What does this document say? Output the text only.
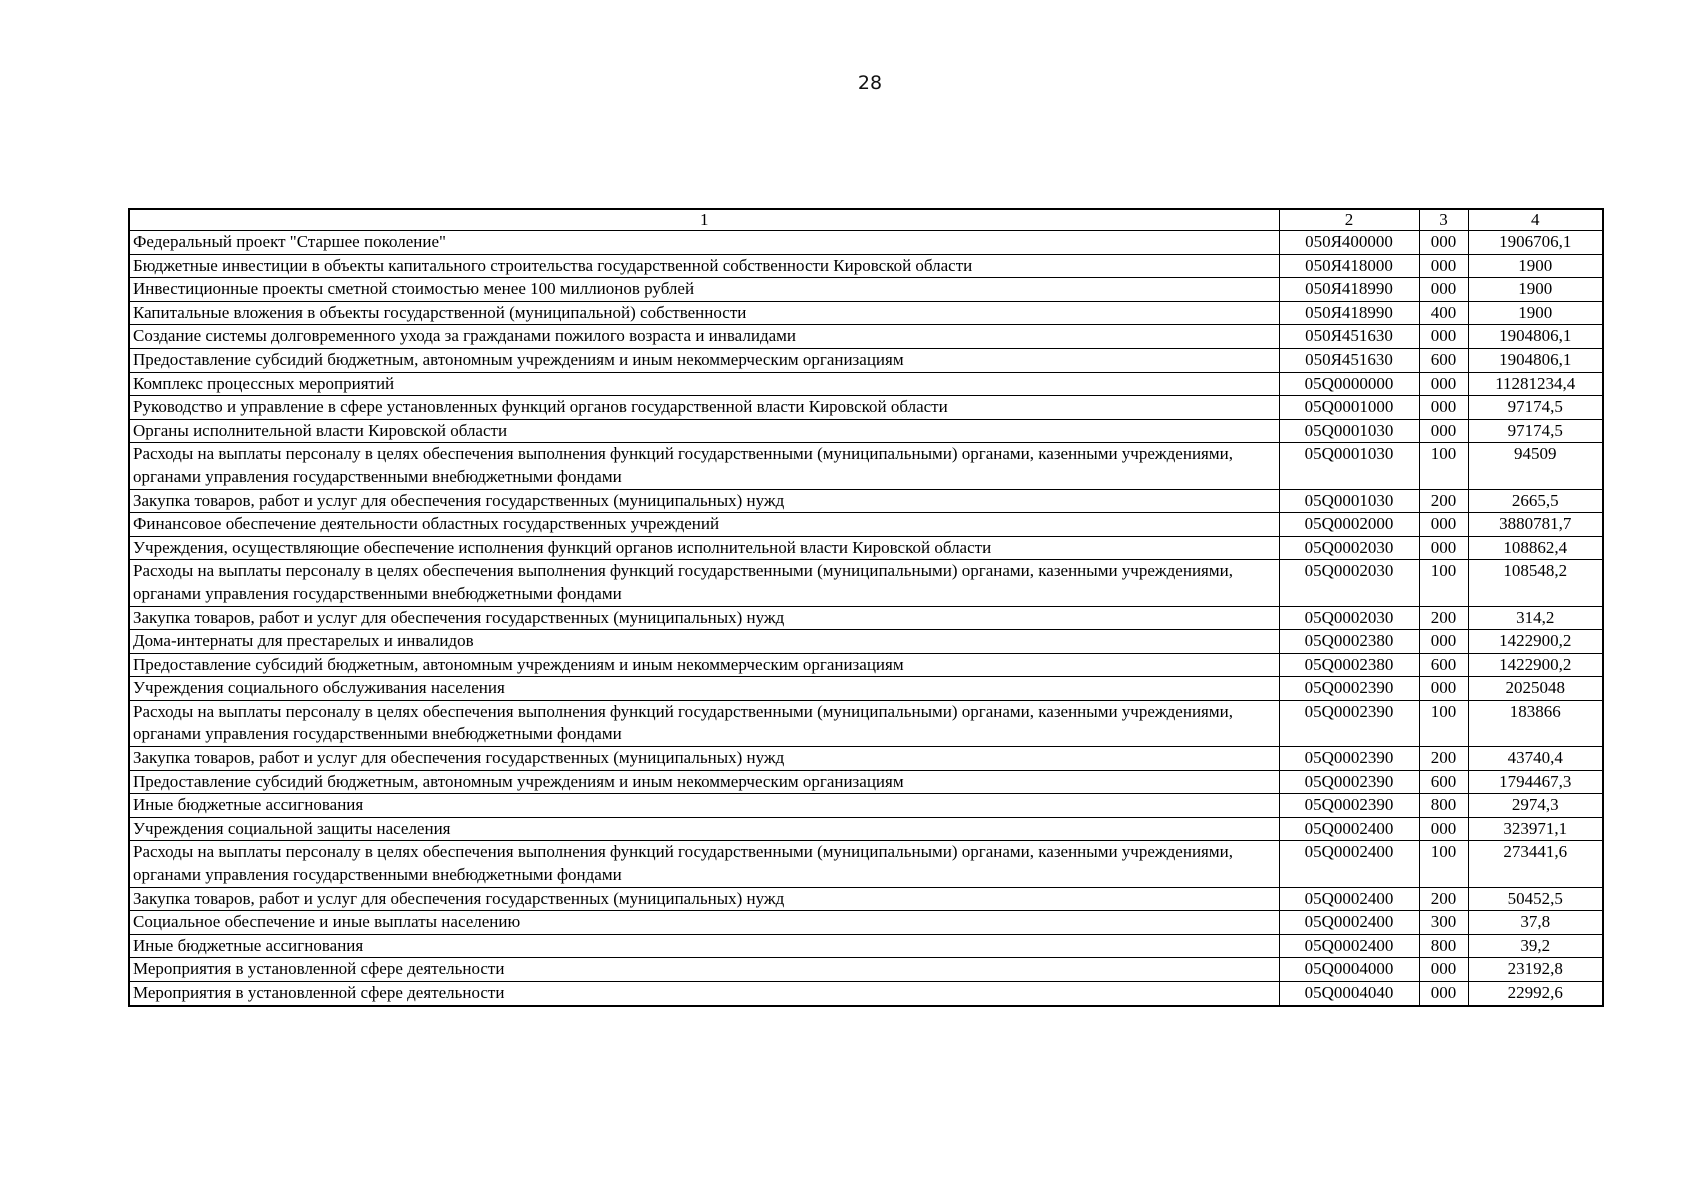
28
1	2	3	4
Федеральный проект "Старшее поколение"	050Я400000	000	1906706,1
Бюджетные инвестиции в объекты капитального строительства государственной собственности Кировской области	050Я418000	000	1900
Инвестиционные проекты сметной стоимостью менее 100 миллионов рублей	050Я418990	000	1900
Капитальные вложения в объекты государственной (муниципальной) собственности	050Я418990	400	1900
Создание системы долговременного ухода за гражданами пожилого возраста и инвалидами	050Я451630	000	1904806,1
Предоставление субсидий бюджетным, автономным учреждениям и иным некоммерческим организациям	050Я451630	600	1904806,1
Комплекс процессных мероприятий	05Q0000000	000	11281234,4
Руководство и управление в сфере установленных функций органов государственной власти Кировской области	05Q0001000	000	97174,5
Органы исполнительной власти Кировской области	05Q0001030	000	97174,5
Расходы на выплаты персоналу в целях обеспечения выполнения функций государственными (муниципальными) органами, казенными учреждениями, органами управления государственными внебюджетными фондами	05Q0001030	100	94509
Закупка товаров, работ и услуг для обеспечения государственных (муниципальных) нужд	05Q0001030	200	2665,5
Финансовое обеспечение деятельности областных государственных учреждений	05Q0002000	000	3880781,7
Учреждения, осуществляющие обеспечение исполнения функций органов исполнительной власти Кировской области	05Q0002030	000	108862,4
Расходы на выплаты персоналу в целях обеспечения выполнения функций государственными (муниципальными) органами, казенными учреждениями, органами управления государственными внебюджетными фондами	05Q0002030	100	108548,2
Закупка товаров, работ и услуг для обеспечения государственных (муниципальных) нужд	05Q0002030	200	314,2
Дома-интернаты для престарелых и инвалидов	05Q0002380	000	1422900,2
Предоставление субсидий бюджетным, автономным учреждениям и иным некоммерческим организациям	05Q0002380	600	1422900,2
Учреждения социального обслуживания населения	05Q0002390	000	2025048
Расходы на выплаты персоналу в целях обеспечения выполнения функций государственными (муниципальными) органами, казенными учреждениями, органами управления государственными внебюджетными фондами	05Q0002390	100	183866
Закупка товаров, работ и услуг для обеспечения государственных (муниципальных) нужд	05Q0002390	200	43740,4
Предоставление субсидий бюджетным, автономным учреждениям и иным некоммерческим организациям	05Q0002390	600	1794467,3
Иные бюджетные ассигнования	05Q0002390	800	2974,3
Учреждения социальной защиты населения	05Q0002400	000	323971,1
Расходы на выплаты персоналу в целях обеспечения выполнения функций государственными (муниципальными) органами, казенными учреждениями, органами управления государственными внебюджетными фондами	05Q0002400	100	273441,6
Закупка товаров, работ и услуг для обеспечения государственных (муниципальных) нужд	05Q0002400	200	50452,5
Социальное обеспечение и иные выплаты населению	05Q0002400	300	37,8
Иные бюджетные ассигнования	05Q0002400	800	39,2
Мероприятия в установленной сфере деятельности	05Q0004000	000	23192,8
Мероприятия в установленной сфере деятельности	05Q0004040	000	22992,6
